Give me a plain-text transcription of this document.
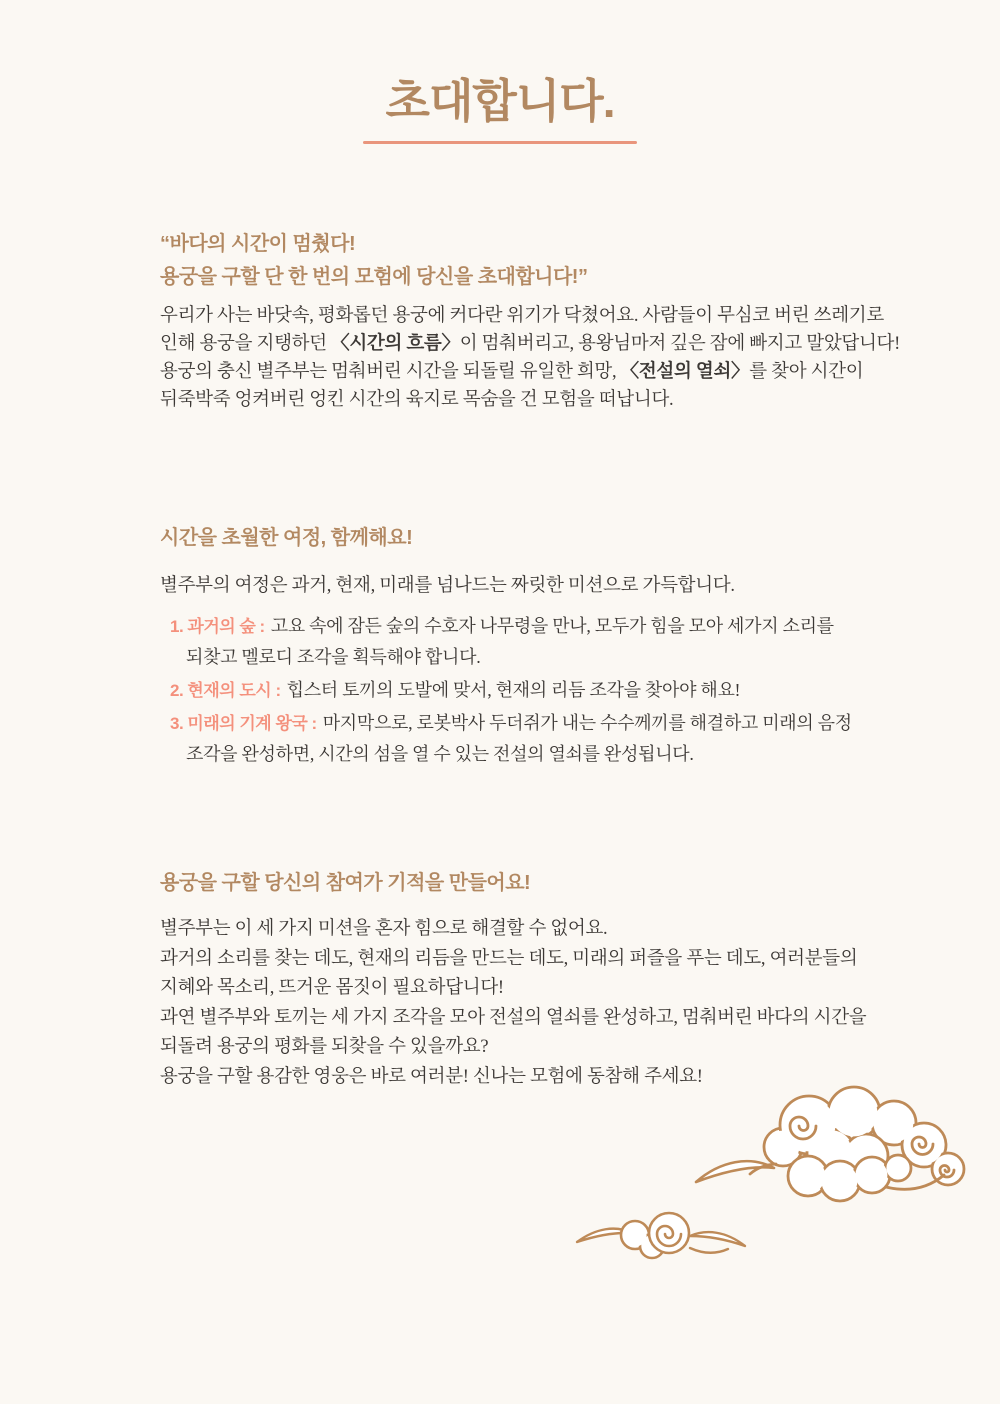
초대합니다.
“바다의 시간이 멈췄다!
용궁을 구할 단 한 번의 모험에 당신을 초대합니다!”
우리가 사는 바닷속, 평화롭던 용궁에 커다란 위기가 닥쳤어요. 사람들이 무심코 버린 쓰레기로
인해 용궁을 지탱하던 〈시간의 흐름〉이 멈춰버리고, 용왕님마저 깊은 잠에 빠지고 말았답니다!
용궁의 충신 별주부는 멈춰버린 시간을 되돌릴 유일한 희망, 〈전설의 열쇠〉를 찾아 시간이
뒤죽박죽 엉켜버린 엉킨 시간의 육지로 목숨을 건 모험을 떠납니다.
시간을 초월한 여정, 함께해요!
별주부의 여정은 과거, 현재, 미래를 넘나드는 짜릿한 미션으로 가득합니다.
1. 과거의 숲 : 고요 속에 잠든 숲의 수호자 나무령을 만나, 모두가 힘을 모아 세가지 소리를
되찾고 멜로디 조각을 획득해야 합니다.
2. 현재의 도시 : 힙스터 토끼의 도발에 맞서, 현재의 리듬 조각을 찾아야 해요!
3. 미래의 기계 왕국 : 마지막으로, 로봇박사 두더쥐가 내는 수수께끼를 해결하고 미래의 음정
조각을 완성하면, 시간의 섬을 열 수 있는 전설의 열쇠를 완성됩니다.
용궁을 구할 당신의 참여가 기적을 만들어요!
별주부는 이 세 가지 미션을 혼자 힘으로 해결할 수 없어요.
과거의 소리를 찾는 데도, 현재의 리듬을 만드는 데도, 미래의 퍼즐을 푸는 데도, 여러분들의
지혜와 목소리, 뜨거운 몸짓이 필요하답니다!
과연 별주부와 토끼는 세 가지 조각을 모아 전설의 열쇠를 완성하고, 멈춰버린 바다의 시간을
되돌려 용궁의 평화를 되찾을 수 있을까요?
용궁을 구할 용감한 영웅은 바로 여러분! 신나는 모험에 동참해 주세요!
